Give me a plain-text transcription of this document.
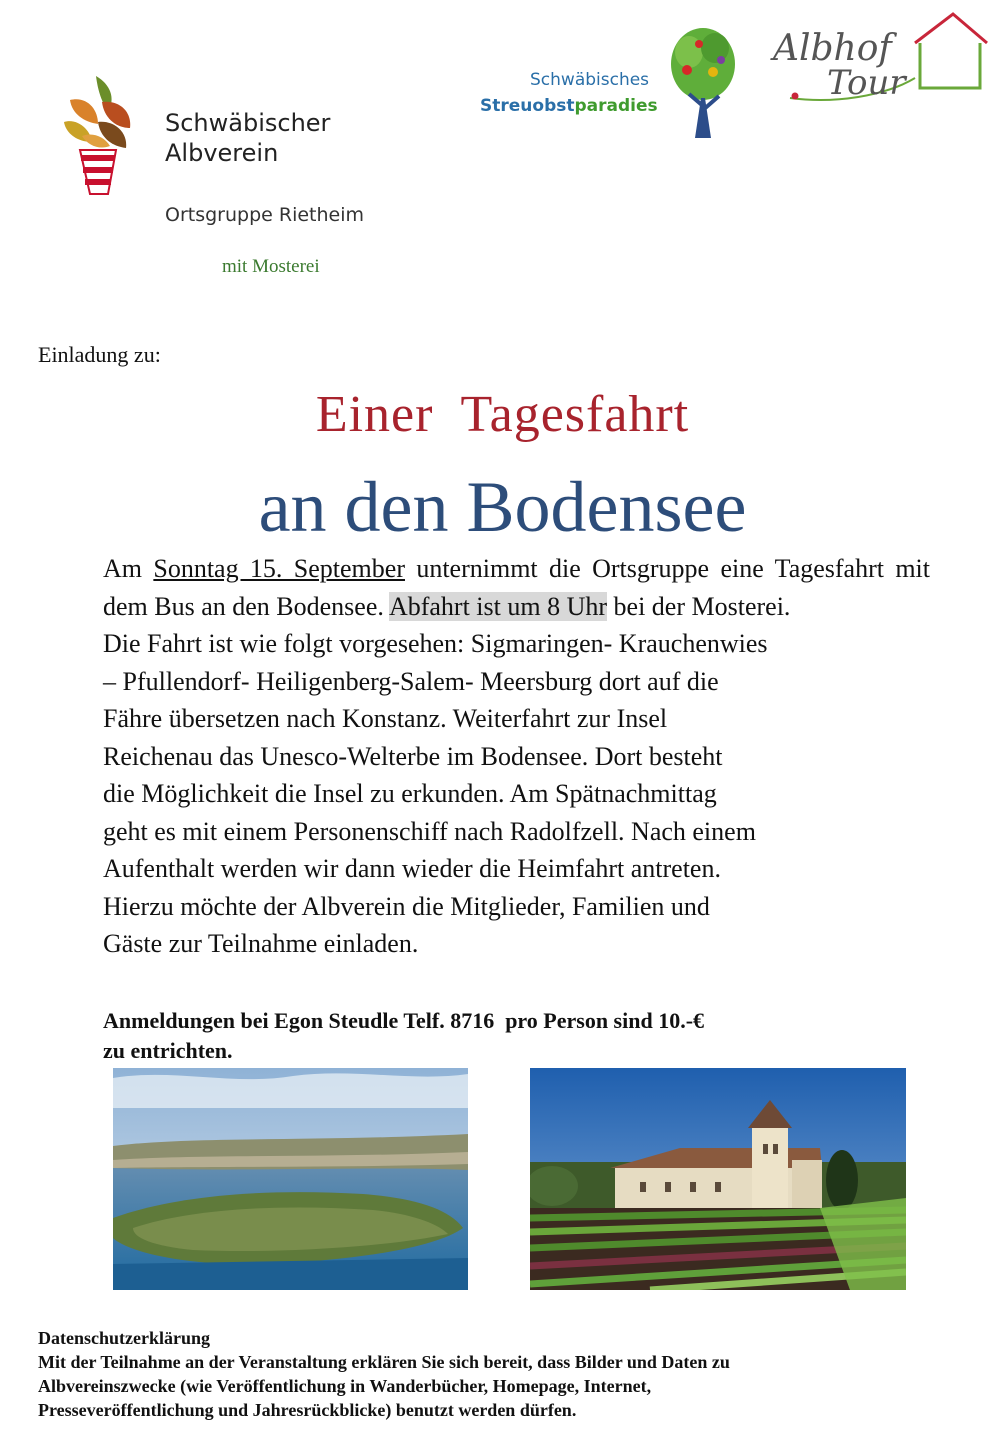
Schwäbischer
Albverein
Ortsgruppe Rietheim
mit Mosterei
Schwäbisches
Streuobstparadies
Albhof
Tour
Einladung zu:
Einer  Tagesfahrt
an den Bodensee

Am Sonntag 15. September unternimmt die Ortsgruppe eine Tagesfahrt mit dem Bus an den Bodensee. Abfahrt ist um 8 Uhr bei der Mosterei.

Die Fahrt ist wie folgt vorgesehen: Sigmaringen- Krauchenwies

– Pfullendorf- Heiligenberg-Salem- Meersburg dort auf die

Fähre übersetzen nach Konstanz. Weiterfahrt zur Insel

Reichenau das Unesco-Welterbe im Bodensee. Dort besteht

die Möglichkeit die Insel zu erkunden. Am Spätnachmittag

geht es mit einem Personenschiff nach Radolfzell. Nach einem

Aufenthalt werden wir dann wieder die Heimfahrt antreten.

Hierzu möchte der Albverein die Mitglieder, Familien und

Gäste zur Teilnahme einladen.

Anmeldungen bei Egon Steudle Telf. 8716  pro Person sind 10.-€
zu entrichten.
Datenschutzerklärung
Mit der Teilnahme an der Veranstaltung erklären Sie sich bereit, dass Bilder und Daten zu
Albvereinszwecke (wie Veröffentlichung in Wanderbücher, Homepage, Internet,
Presseveröffentlichung und Jahresrückblicke) benutzt werden dürfen.
